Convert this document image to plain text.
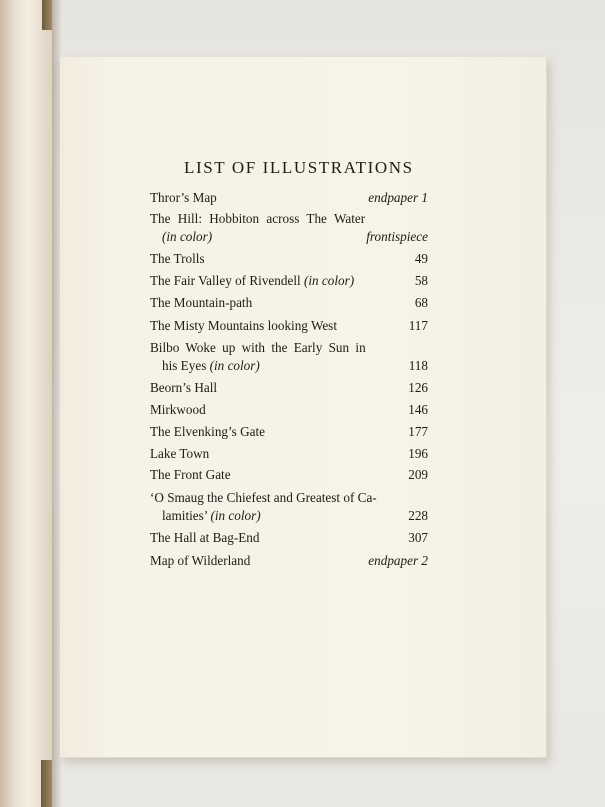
LIST OF ILLUSTRATIONS
Thror’s Map	endpaper 1
The Hill: Hobbiton across The Water
(in color)	frontispiece
The Trolls	49
The Fair Valley of Rivendell (in color)	58
The Mountain-path	68
The Misty Mountains looking West	117
Bilbo Woke up with the Early Sun in
his Eyes (in color)	118
Beorn’s Hall	126
Mirkwood	146
The Elvenking’s Gate	177
Lake Town	196
The Front Gate	209
‘O Smaug the Chiefest and Greatest of Ca-
lamities’ (in color)	228
The Hall at Bag-End	307
Map of Wilderland	endpaper 2
